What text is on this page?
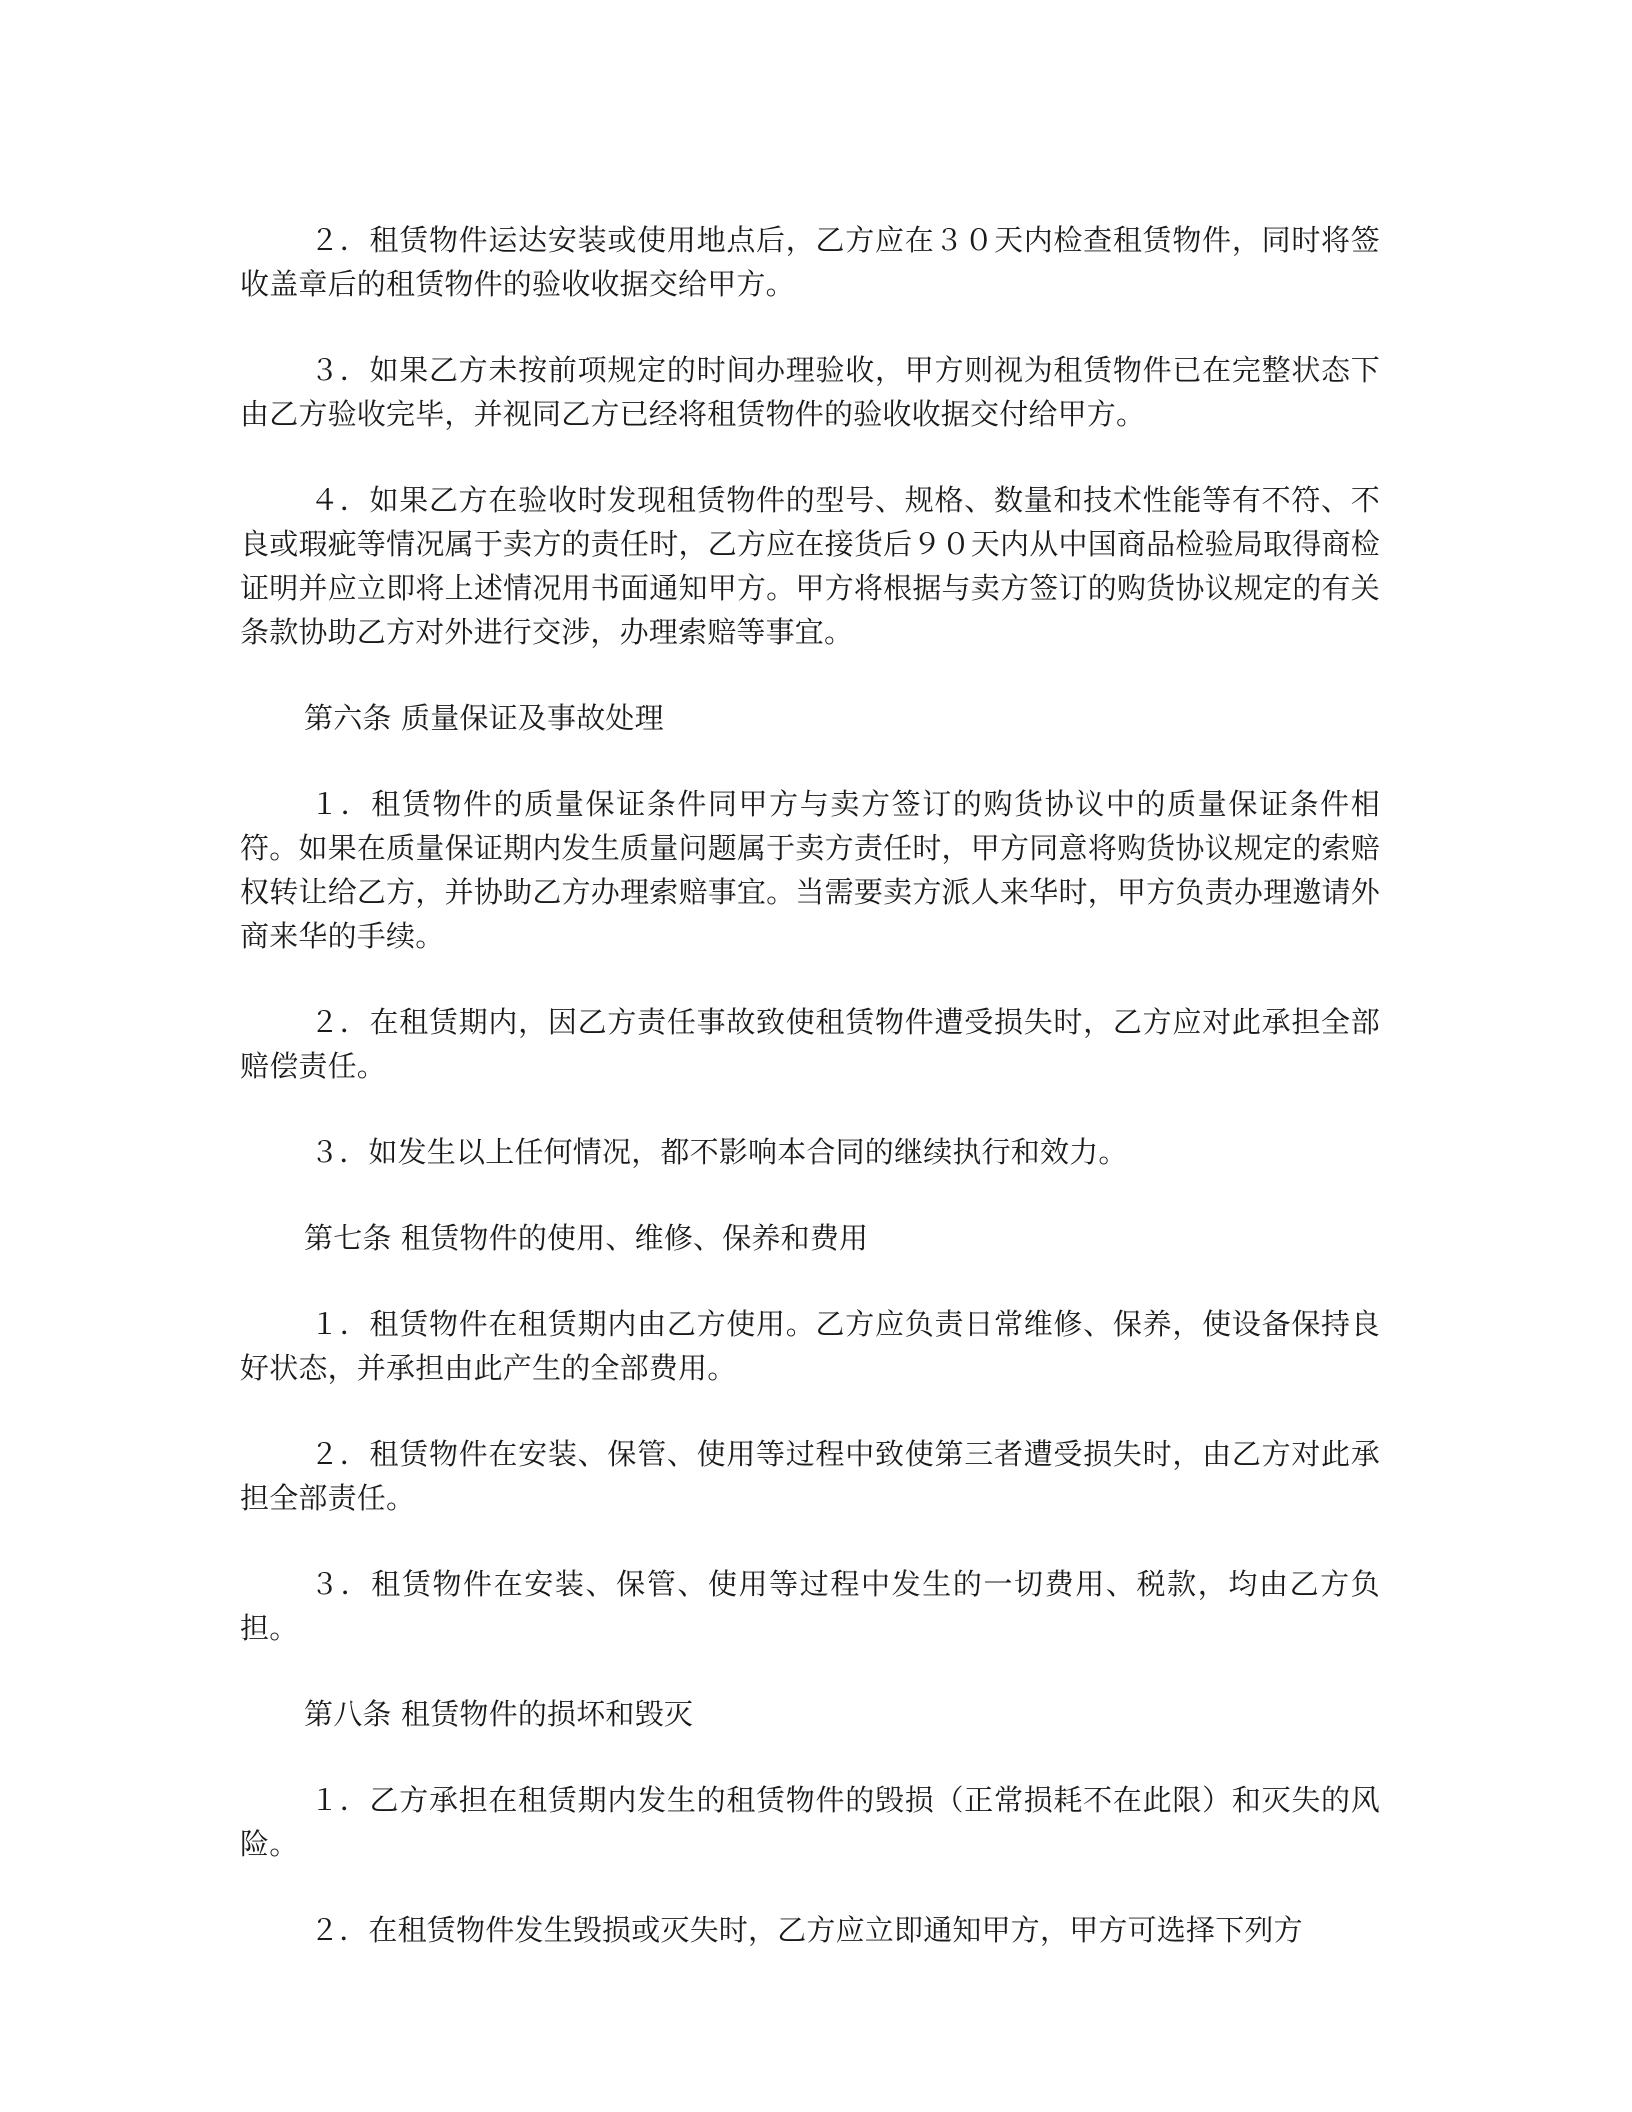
２．租赁物件运达安装或使用地点后，乙方应在３０天内检查租赁物件，同时将签收盖章后的租赁物件的验收收据交给甲方。

３．如果乙方未按前项规定的时间办理验收，甲方则视为租赁物件已在完整状态下由乙方验收完毕，并视同乙方已经将租赁物件的验收收据交付给甲方。

４．如果乙方在验收时发现租赁物件的型号、规格、数量和技术性能等有不符、不良或瑕疵等情况属于卖方的责任时，乙方应在接货后９０天内从中国商品检验局取得商检证明并应立即将上述情况用书面通知甲方。甲方将根据与卖方签订的购货协议规定的有关条款协助乙方对外进行交涉，办理索赔等事宜。

第六条 质量保证及事故处理

１．租赁物件的质量保证条件同甲方与卖方签订的购货协议中的质量保证条件相符。如果在质量保证期内发生质量问题属于卖方责任时，甲方同意将购货协议规定的索赔权转让给乙方，并协助乙方办理索赔事宜。当需要卖方派人来华时，甲方负责办理邀请外商来华的手续。

２．在租赁期内，因乙方责任事故致使租赁物件遭受损失时，乙方应对此承担全部赔偿责任。

３．如发生以上任何情况，都不影响本合同的继续执行和效力。

第七条 租赁物件的使用、维修、保养和费用

１．租赁物件在租赁期内由乙方使用。乙方应负责日常维修、保养，使设备保持良好状态，并承担由此产生的全部费用。

２．租赁物件在安装、保管、使用等过程中致使第三者遭受损失时，由乙方对此承担全部责任。

３．租赁物件在安装、保管、使用等过程中发生的一切费用、税款，均由乙方负担。

第八条 租赁物件的损坏和毁灭

１．乙方承担在租赁期内发生的租赁物件的毁损（正常损耗不在此限）和灭失的风险。

２．在租赁物件发生毁损或灭失时，乙方应立即通知甲方，甲方可选择下列方
